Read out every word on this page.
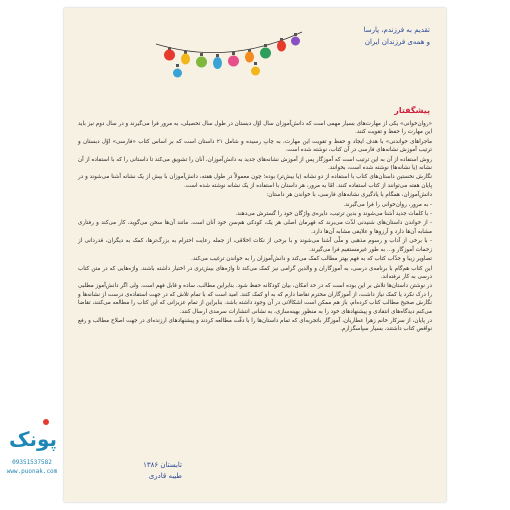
تقدیم به فرزندم، پارسا
و همه‌ی فرزندان ایران
پیشگفتار

«روان‌خوانی» یکی از مهارت‌های بسیار مهمی است که دانش‌آموزان سال اوّل دبستان در طول سال تحصیلی، به مرور فرا می‌گیرند و در سال دوم نیز باید این مهارت را حفظ و تقویت کنند.

ماجراهای خواندنی» با هدف ایجاد و حفظ و تقویت این مهارت، به چاپ رسیده و شامل ۲۱ داستان است که بر اساس کتاب «فارسی» اوّل دبستان و ترتیب آموزش نشانه‌های فارسی در آن کتاب، نوشته شده است.

روش استفاده از آن به این ترتیب است که آموزگار پس از آموزش نشانه‌های جدید به دانش‌آموزان، آنان را تشویق می‌کند تا داستانی را که با استفاده از آن نشانه (یا نشانه‌ها) نوشته شده است، بخوانند.

نگارش نخستین داستان‌های کتاب با استفاده از دو نشانه (یا بیش‌تر) بوده؛ چون معمولاً در طول هفته، دانش‌آموزان با بیش از یک نشانه آشنا می‌شوند و در پایان هفته می‌توانند از کتاب استفاده کنند. امّا به مرور، هر داستان با استفاده از یک نشانه نوشته شده است.

دانش‌آموزان، همگام با یادگیری نشانه‌های فارسی، با خواندن هر داستان:

- به مرور، روان‌خوانی را فرا می‌گیرند.

- با کلمات جدید آشنا می‌شوند و بدین ترتیب، دایره‌ی واژگان خود را گسترش می‌دهند.

- از خواندن داستان‌های شنیدنی لذّت می‌برند که قهرمان اصلی هر یک، کودکی هم‌سن خود آنان است. مانند آن‌ها سخن می‌گوید، کار می‌کند و رفتاری مشابه آن‌ها دارد و آرزوها و علایقی مشابه آن‌ها دارد.

- با برخی از آداب و رسوم مذهبی و ملّی آشنا می‌شوند و با برخی از نکات اخلاقی، از جمله رعایت احترام به بزرگ‌ترها، کمک به دیگران، قدردانی از زحمات آموزگار و... به طور غیرمستقیم فرا می‌گیرند.

تصاویر زیبا و جذّاب کتاب که به فهم بهتر مطالب کمک می‌کند و دانش‌آموزان را به خواندن ترغیب می‌کند.

این کتاب هم‌گام با برنامه‌ی درسی، به آموزگاران و والدین گرامی نیز کمک می‌کند تا واژه‌های بیش‌تری در اختیار داشته باشند. واژه‌هایی که در متن کتاب درسی به کار نرفته‌اند.

در نوشتن داستان‌ها تلاش بر این بوده است که در حد امکان، بیان کودکانه حفظ شود. بنابراین مطالب، ساده و قابل فهم است. ولی اگر دانش‌آموز مطلبی را درک نکرد یا کمک نیاز داشت، از آموزگاران محترم تقاضا دارم که به او کمک کنند. امید است که با تمام تلاش که در جهت استفاده‌ی درست از نشانه‌ها و نگارش صحیح مطالب کتاب کرده‌ام، باز هم ممکن است اشکالاتی در آن وجود داشته باشد. بنابراین از تمام عزیزانی که این کتاب را مطالعه می‌کنند، تقاضا می‌کنم دیدگاه‌های انتقادی و پیشنهادهای خود را به منظور بهینه‌سازی، به نشانی انتشارات سرمدی ارسال کنند.

در پایان، از سرکار خانم زهرا عطاریان، آموزگار باتجربه‌ای که تمام داستان‌ها را با دقّت مطالعه کردند و پیشنهادهای ارزنده‌ای در جهت اصلاح مطالب و رفع نواقص کتاب داشتند، بسیار سپاسگزارم.

تابستان ۱۳۸۶
طیبه قادری
پونک
09351537582
www.puonak.com
